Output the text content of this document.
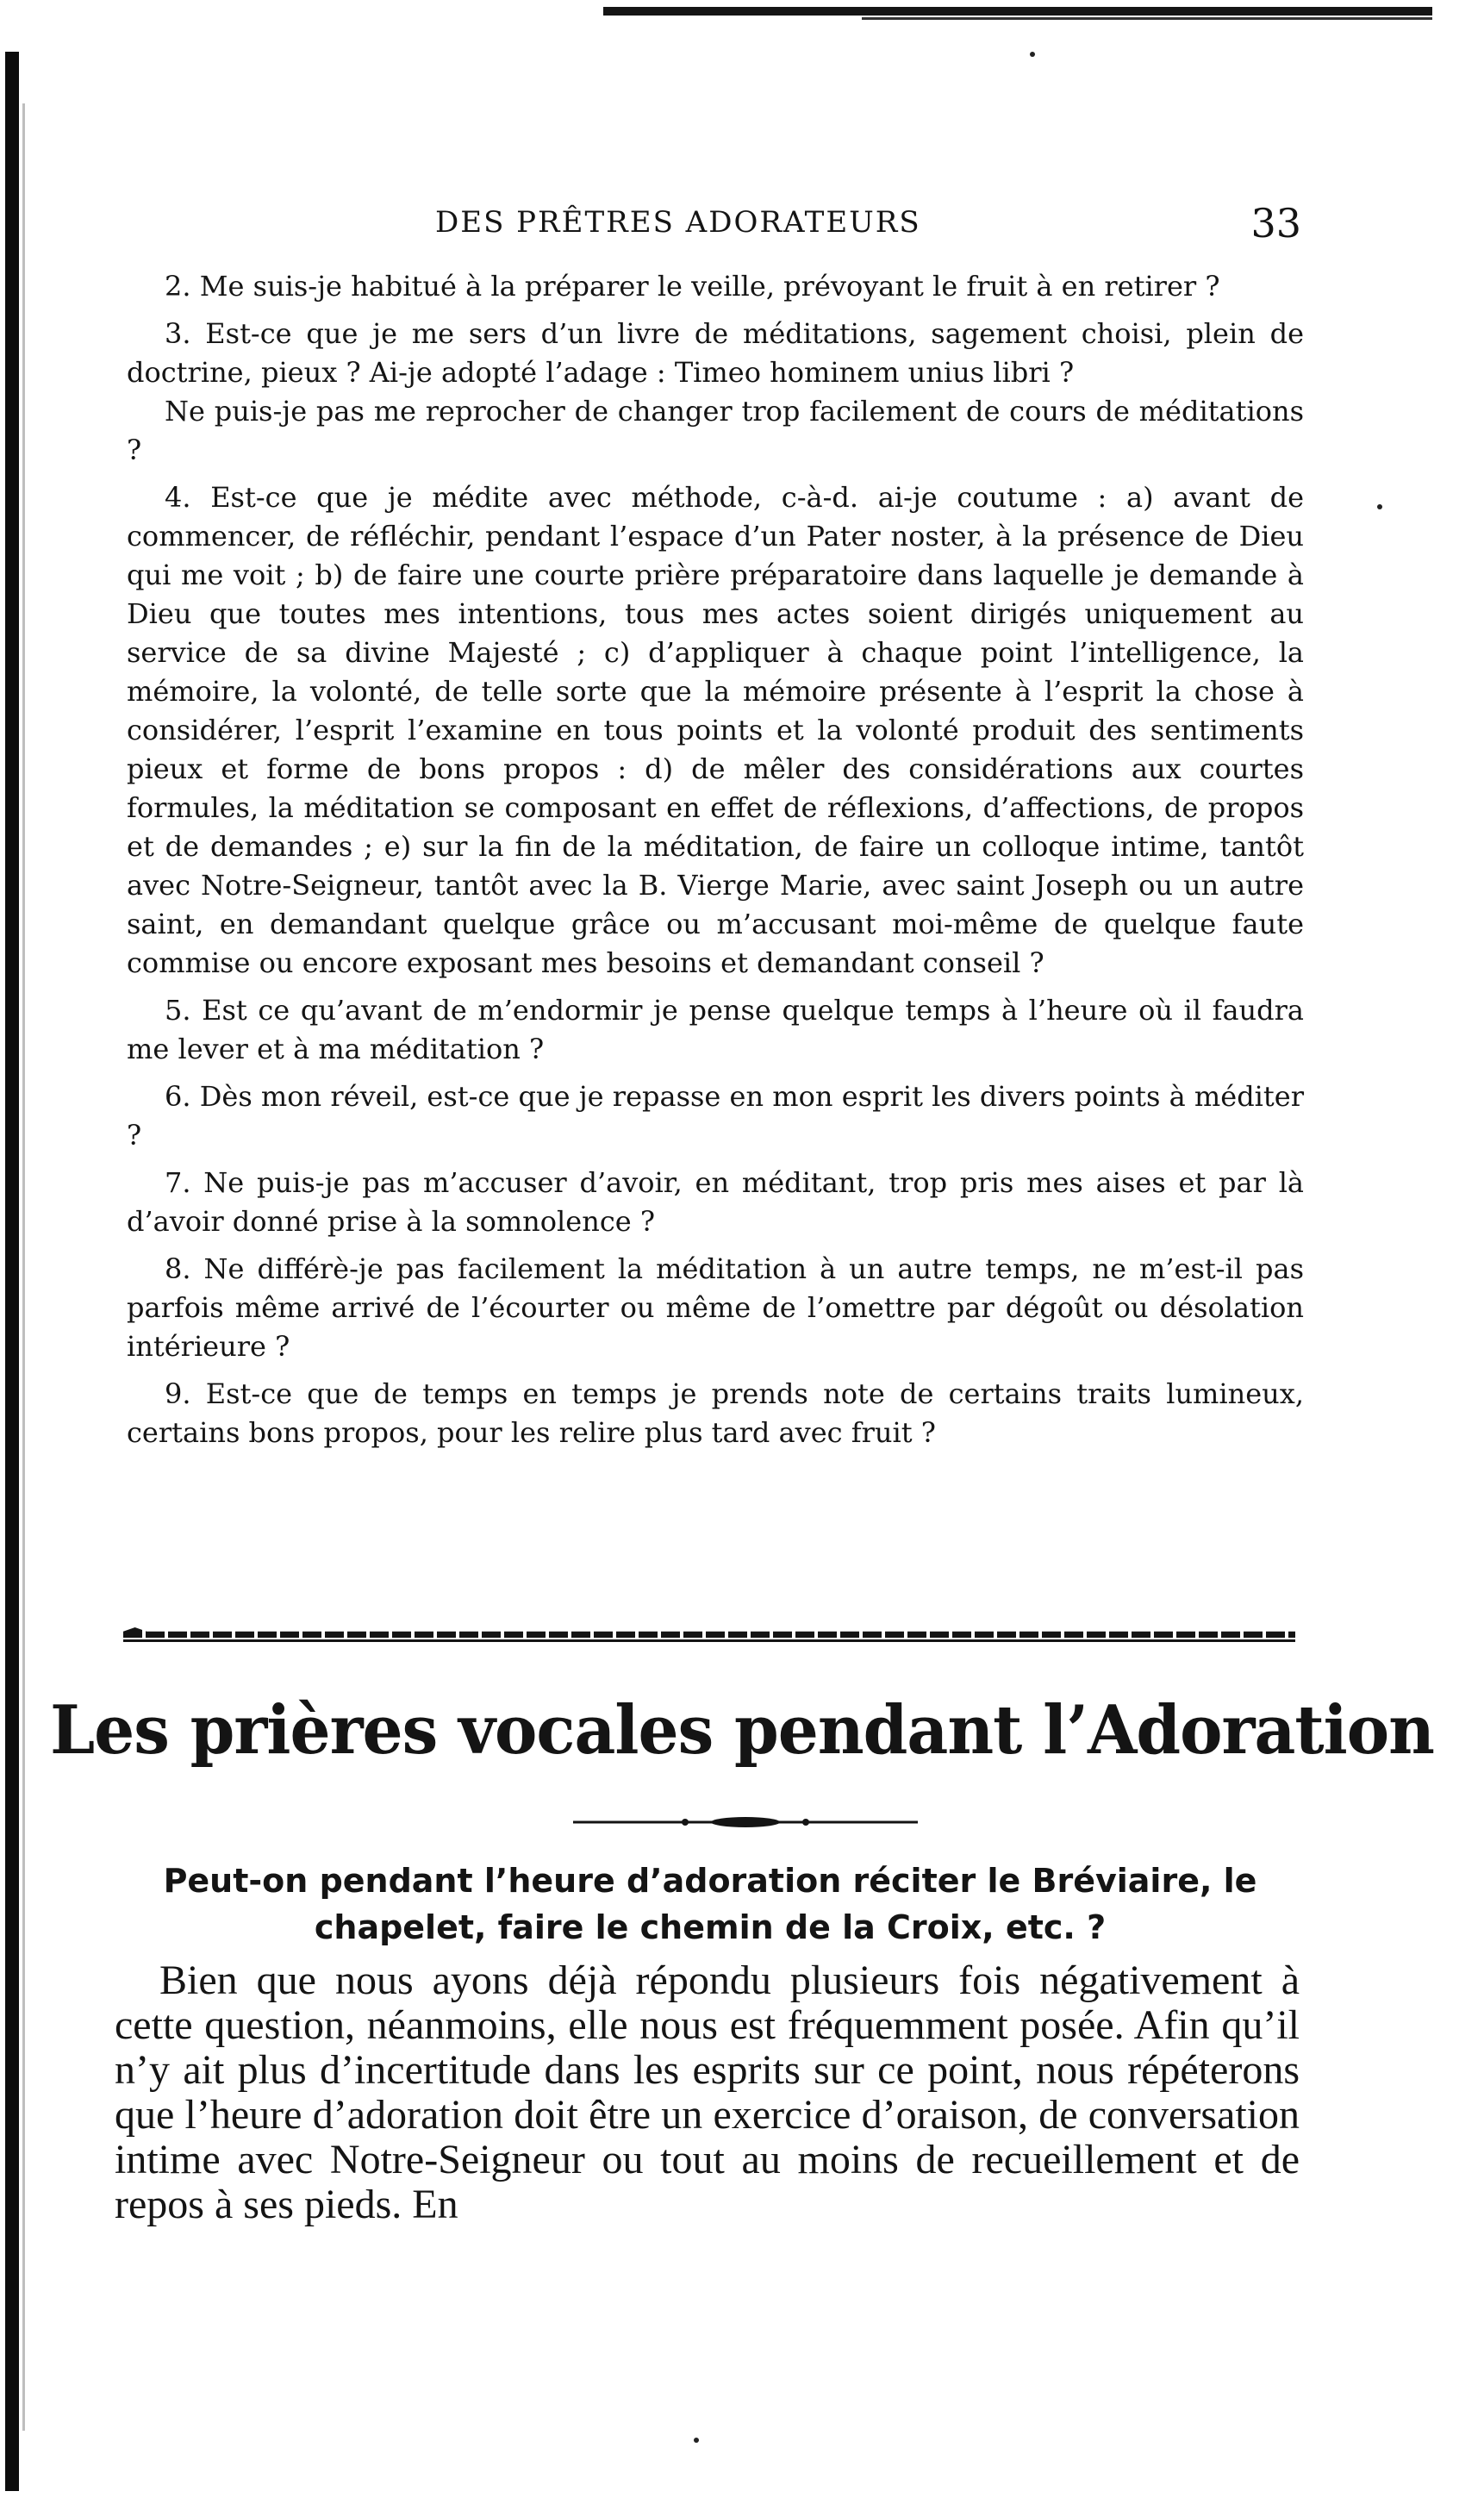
DES PRÊTRES ADORATEURS	33

2. Me suis-je habitué à la préparer le veille, prévoyant le fruit à en retirer ?

3. Est-ce que je me sers d’un livre de méditations, sagement choisi, plein de doctrine, pieux ? Ai-je adopté l’adage : Timeo hominem unius libri ?

Ne puis-je pas me reprocher de changer trop facilement de cours de méditations ?

4. Est-ce que je médite avec méthode, c-à-d. ai-je coutume : a) avant de commencer, de réfléchir, pendant l’espace d’un Pater noster, à la présence de Dieu qui me voit ; b) de faire une courte prière préparatoire dans laquelle je demande à Dieu que toutes mes intentions, tous mes actes soient dirigés uniquement au service de sa divine Majesté ; c) d’appliquer à chaque point l’intelligence, la mémoire, la volonté, de telle sorte que la mémoire présente à l’esprit la chose à considérer, l’esprit l’examine en tous points et la volonté produit des sentiments pieux et forme de bons propos : d) de mêler des considérations aux courtes formules, la méditation se composant en effet de réflexions, d’affections, de propos et de demandes ; e) sur la fin de la méditation, de faire un colloque intime, tantôt avec Notre-Seigneur, tantôt avec la B. Vierge Marie, avec saint Joseph ou un autre saint, en demandant quelque grâce ou m’accusant moi-même de quelque faute commise ou encore exposant mes besoins et demandant conseil ?

5. Est ce qu’avant de m’endormir je pense quelque temps à l’heure où il faudra me lever et à ma méditation ?

6. Dès mon réveil, est-ce que je repasse en mon esprit les divers points à méditer ?

7. Ne puis-je pas m’accuser d’avoir, en méditant, trop pris mes aises et par là d’avoir donné prise à la somnolence ?

8. Ne différè-je pas facilement la méditation à un autre temps, ne m’est-il pas parfois même arrivé de l’écourter ou même de l’omettre par dégoût ou désolation intérieure ?

9. Est-ce que de temps en temps je prends note de certains traits lumineux, certains bons propos, pour les relire plus tard avec fruit ?

Les prières vocales pendant l’Adoration

Peut-on pendant l’heure d’adoration réciter le Bréviaire, le chapelet, faire le chemin de la Croix, etc. ?

Bien que nous ayons déjà répondu plusieurs fois négativement à cette question, néanmoins, elle nous est fréquemment posée. Afin qu’il n’y ait plus d’incertitude dans les esprits sur ce point, nous répéterons que l’heure d’adoration doit être un exercice d’oraison, de conversation intime avec Notre-Seigneur ou tout au moins de recueillement et de repos à ses pieds. En
